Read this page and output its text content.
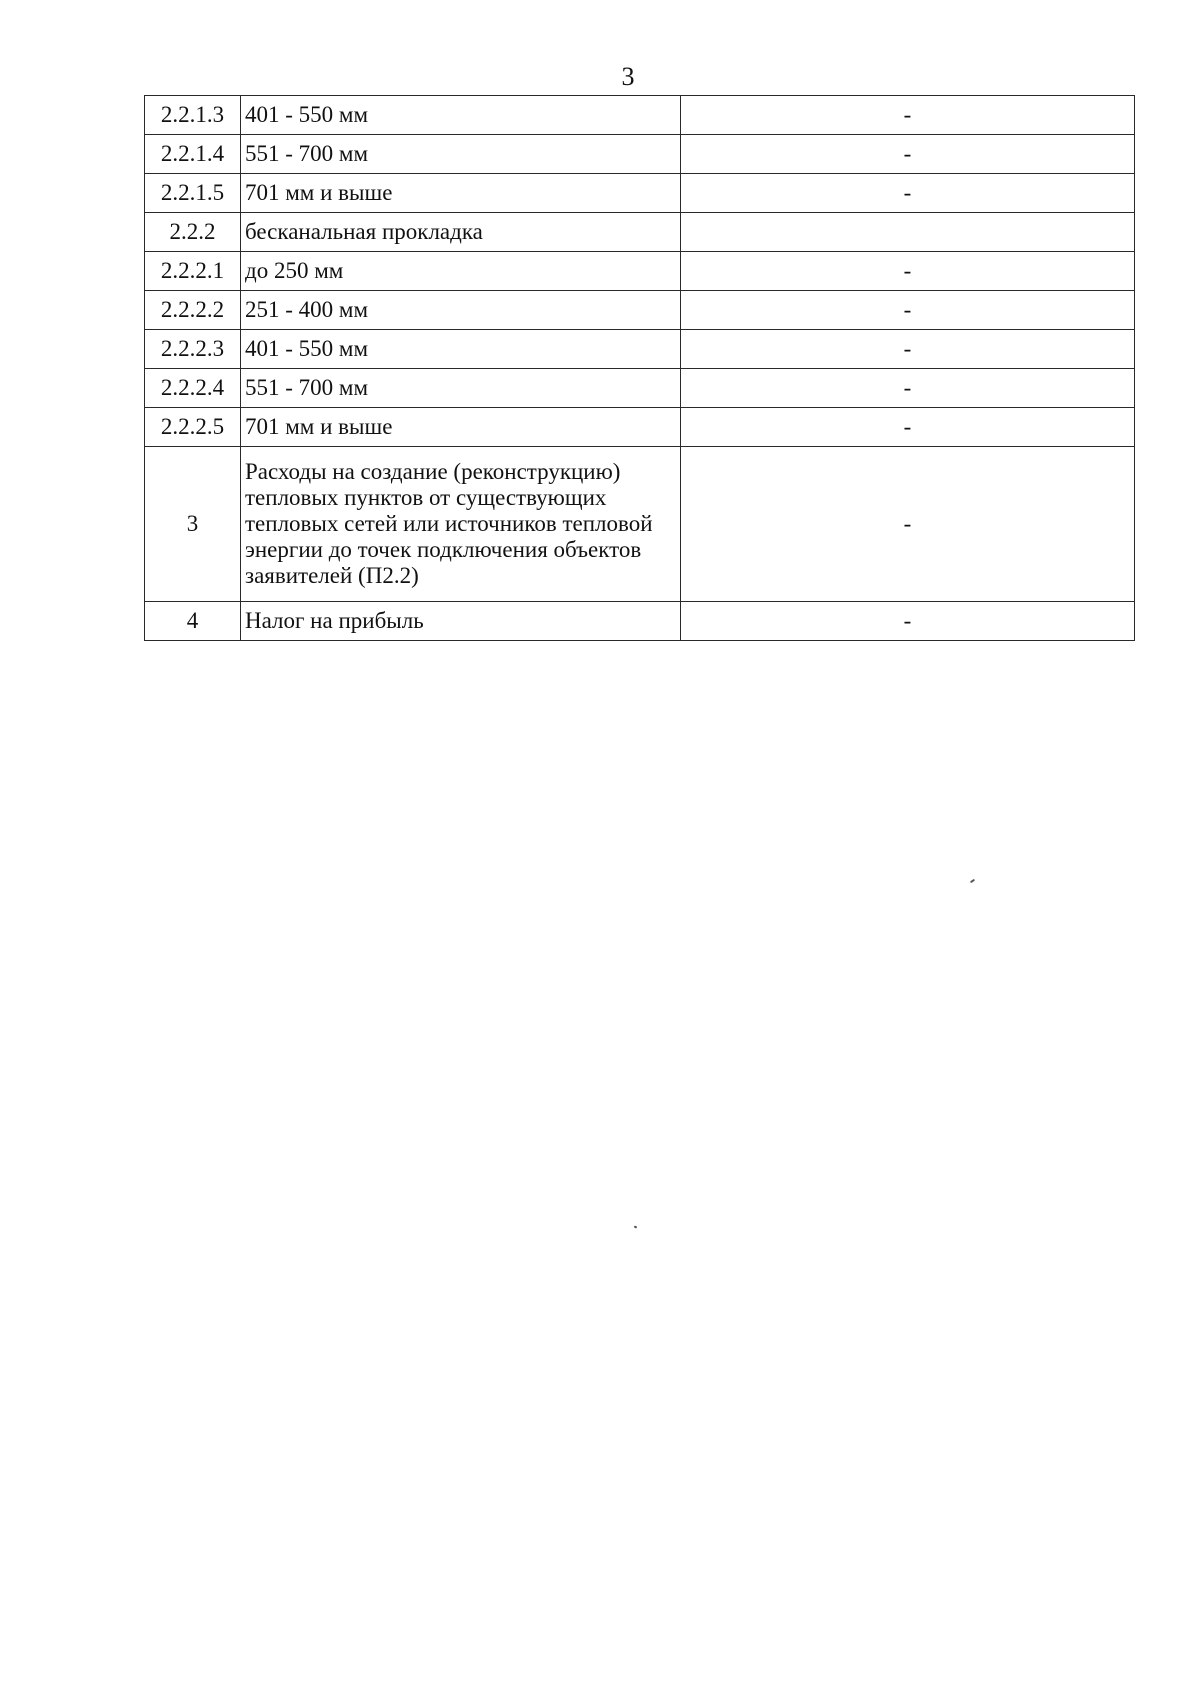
3
2.2.1.3	401 - 550 мм	-
2.2.1.4	551 - 700 мм	-
2.2.1.5	701 мм и выше	-
2.2.2	бесканальная прокладка	
2.2.2.1	до 250 мм	-
2.2.2.2	251 - 400 мм	-
2.2.2.3	401 - 550 мм	-
2.2.2.4	551 - 700 мм	-
2.2.2.5	701 мм и выше	-
3	Расходы на создание (реконструкцию) тепловых пунктов от существующих тепловых сетей или источников тепловой энергии до точек подключения объектов заявителей (П2.2)	-
4	Налог на прибыль	-
